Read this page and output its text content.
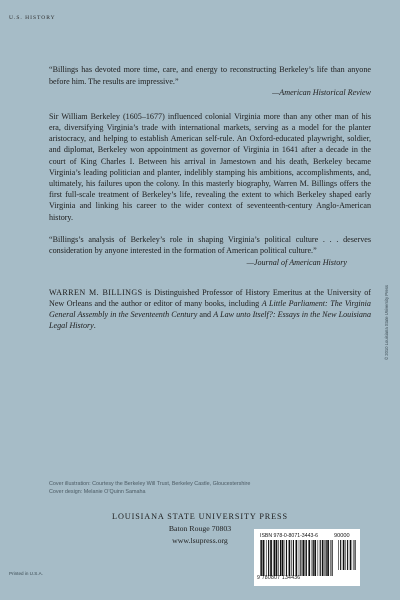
U.S. HISTORY

“Billings has devoted more time, care, and energy to reconstructing Berkeley’s life than anyone before him. The results are impressive.”

—American Historical Review

Sir William Berkeley (1605–1677) influenced colonial Virginia more than any other man of his era, diversifying Virginia’s trade with international markets, serving as a model for the planter aristocracy, and helping to establish American self-rule. An Oxford-educated playwright, soldier, and diplomat, Berkeley won appointment as governor of Virginia in 1641 after a decade in the court of King Charles I. Between his arrival in Jamestown and his death, Berkeley became Virginia’s leading politician and planter, indelibly stamping his ambitions, accomplishments, and, ultimately, his failures upon the colony. In this masterly biography, Warren M. Billings offers the first full-scale treatment of Berkeley’s life, revealing the extent to which Berkeley shaped early Virginia and linking his career to the wider context of seventeenth-century Anglo-American history.

“Billings’s analysis of Berkeley’s role in shaping Virginia’s political culture . . . deserves consideration by anyone interested in the formation of American political culture.”

—Journal of American History

WARREN M. BILLINGS is Distinguished Professor of History Emeritus at the University of New Orleans and the author or editor of many books, including A Little Parliament: The Virginia General Assembly in the Seventeenth Century and A Law unto Itself?: Essays in the New Louisiana Legal History.

Cover illustration: Courtesy the Berkeley Will Trust, Berkeley Castle, Gloucestershire
Cover design: Melanie O’Quinn Samaha
LOUISIANA STATE UNIVERSITY PRESS
Baton Rouge 70803
www.lsupress.org	ISBN 978-0-8071-3443-6	90000
9 780807 134436
Printed in U.S.A.
© 2010 Louisiana State University Press
